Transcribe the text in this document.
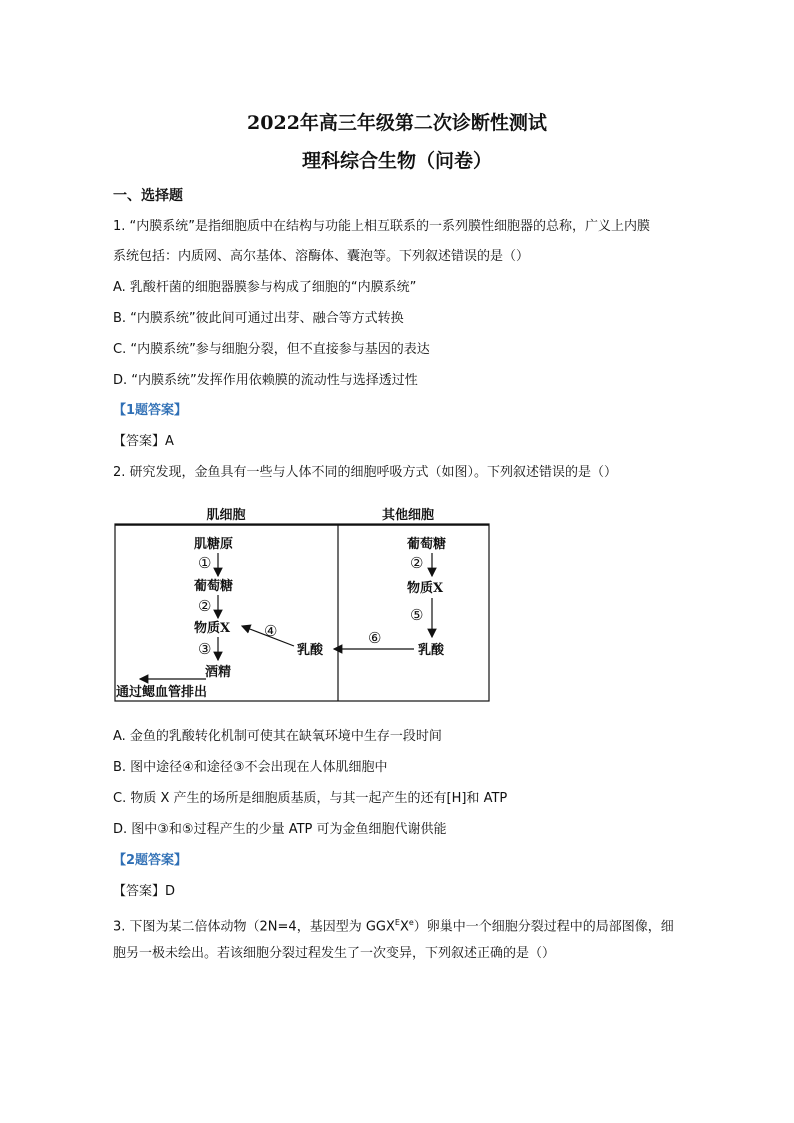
2022年高三年级第二次诊断性测试
理科综合生物（问卷）
一、选择题
1. “内膜系统”是指细胞质中在结构与功能上相互联系的一系列膜性细胞器的总称，广义上内膜
系统包括：内质网、高尔基体、溶酶体、囊泡等。下列叙述错误的是（）
A. 乳酸杆菌的细胞器膜参与构成了细胞的“内膜系统”
B. “内膜系统”彼此间可通过出芽、融合等方式转换
C. “内膜系统”参与细胞分裂，但不直接参与基因的表达
D. “内膜系统”发挥作用依赖膜的流动性与选择透过性
【1题答案】
【答案】A
2. 研究发现，金鱼具有一些与人体不同的细胞呼吸方式（如图）。下列叙述错误的是（）
肌细胞	其他细胞
肌糖原
①
葡萄糖
②
物质X
③
酒精
通过鳃血管排出
乳酸
④
葡萄糖
②
物质X
⑤
乳酸
⑥
A. 金鱼的乳酸转化机制可使其在缺氧环境中生存一段时间
B. 图中途径④和途径③不会出现在人体肌细胞中
C. 物质 X 产生的场所是细胞质基质，与其一起产生的还有[H]和 ATP
D. 图中③和⑤过程产生的少量 ATP 可为金鱼细胞代谢供能
【2题答案】
【答案】D
3. 下图为某二倍体动物（2N=4，基因型为 $GGX^EXe$）卵巢中一个细胞分裂过程中的局部图像，细
胞另一极未绘出。若该细胞分裂过程发生了一次变异，下列叙述正确的是（）
